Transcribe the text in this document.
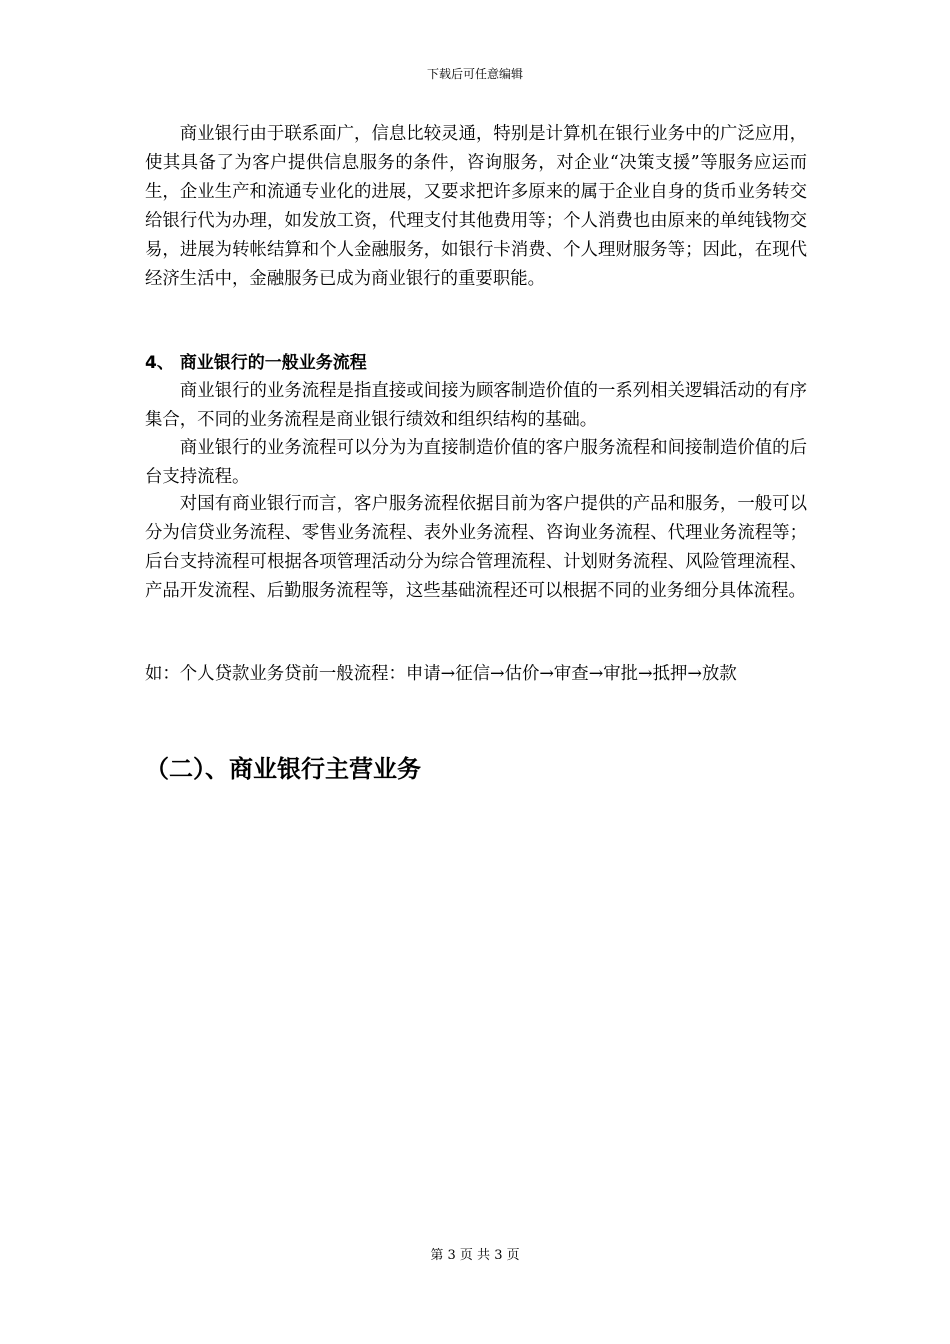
下载后可任意编辑

商业银行由于联系面广，信息比较灵通，特别是计算机在银行业务中的广泛应用，使其具备了为客户提供信息服务的条件，咨询服务，对企业“决策支援”等服务应运而生，企业生产和流通专业化的进展，又要求把许多原来的属于企业自身的货币业务转交给银行代为办理，如发放工资，代理支付其他费用等；个人消费也由原来的单纯钱物交易，进展为转帐结算和个人金融服务，如银行卡消费、个人理财服务等；因此，在现代经济生活中，金融服务已成为商业银行的重要职能。

4、 商业银行的一般业务流程

商业银行的业务流程是指直接或间接为顾客制造价值的一系列相关逻辑活动的有序集合，不同的业务流程是商业银行绩效和组织结构的基础。

商业银行的业务流程可以分为为直接制造价值的客户服务流程和间接制造价值的后台支持流程。

对国有商业银行而言，客户服务流程依据目前为客户提供的产品和服务，一般可以分为信贷业务流程、零售业务流程、表外业务流程、咨询业务流程、代理业务流程等；后台支持流程可根据各项管理活动分为综合管理流程、计划财务流程、风险管理流程、产品开发流程、后勤服务流程等，这些基础流程还可以根据不同的业务细分具体流程。

如：个人贷款业务贷前一般流程：申请→征信→估价→审查→审批→抵押→放款

（二）、商业银行主营业务
第 3 页 共 3 页
